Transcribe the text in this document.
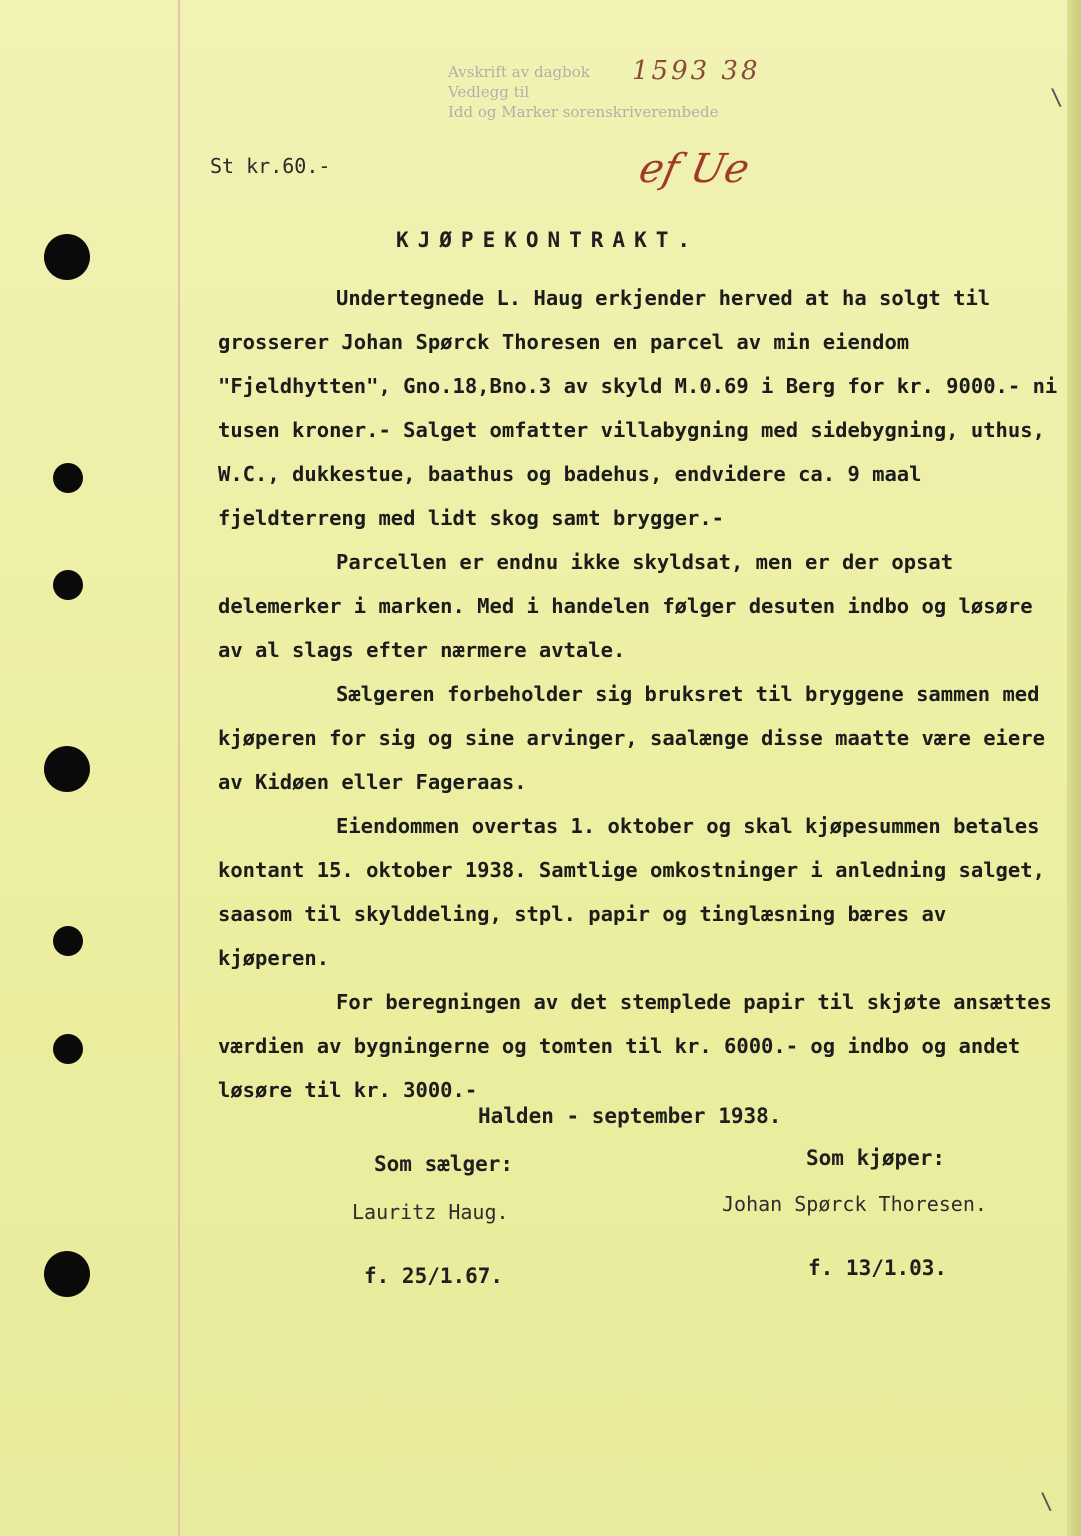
Avskrift av dagbok
Vedlegg til
Idd og Marker sorenskriverembede
1593 38
ef Ue
St kr.60.-
KJØPEKONTRAKT.

Undertegnede L. Haug erkjender herved at ha solgt til grosserer Johan Spørck Thoresen en parcel av min eiendom "Fjeldhytten", Gno.18,Bno.3 av skyld M.0.69 i Berg for kr. 9000.- ni tusen kroner.- Salget omfatter villabygning med sidebygning, uthus, W.C., dukkestue, baathus og badehus, endvidere ca. 9 maal fjeldterreng med lidt skog samt brygger.-

Parcellen er endnu ikke skyldsat, men er der opsat delemerker i marken. Med i handelen følger desuten indbo og løsøre av al slags efter nærmere avtale.

Sælgeren forbeholder sig bruksret til bryggene sammen med kjøperen for sig og sine arvinger, saalænge disse maatte være eiere av Kidøen eller Fageraas.

Eiendommen overtas 1. oktober og skal kjøpesummen betales kontant 15. oktober 1938. Samtlige omkostninger i anledning salget, saasom til skylddeling, stpl. papir og tinglæsning bæres av kjøperen.

For beregningen av det stemplede papir til skjøte ansættes værdien av bygningerne og tomten til kr. 6000.- og indbo og andet løsøre til kr. 3000.-

Halden - september 1938.
Som sælger:	Som kjøper:
Lauritz Haug.	Johan Spørck Thoresen.
f. 25/1.67.	f. 13/1.03.
\
\
